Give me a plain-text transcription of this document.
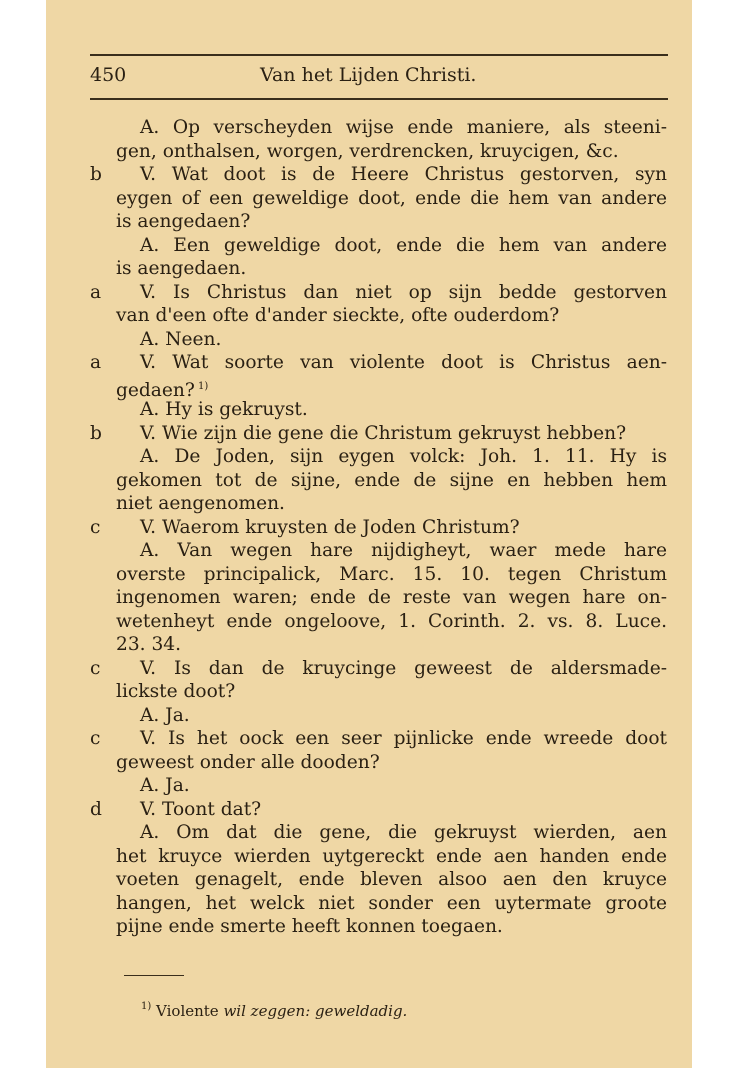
450	Van het Lijden Christi.
A. Op verscheyden wijse ende maniere, als steeni-
gen, onthalsen, worgen, verdrencken, kruycigen, &c.
b V. Wat doot is de Heere Christus gestorven, syn
eygen of een geweldige doot, ende die hem van andere
is aengedaen?
A. Een geweldige doot, ende die hem van andere
is aengedaen.
a V. Is Christus dan niet op sijn bedde gestorven
van d'een ofte d'ander sieckte, ofte ouderdom?
A. Neen.
a V. Wat soorte van violente doot is Christus aen-
gedaen? $^{1)}$
A. Hy is gekruyst.
b V. Wie zijn die gene die Christum gekruyst hebben?
A. De Joden, sijn eygen volck: Joh. 1. 11. Hy is
gekomen tot de sijne, ende de sijne en hebben hem
niet aengenomen.
c V. Waerom kruysten de Joden Christum?
A. Van wegen hare nijdigheyt, waer mede hare
overste principalick, Marc. 15. 10. tegen Christum
ingenomen waren; ende de reste van wegen hare on-
wetenheyt ende ongeloove, 1. Corinth. 2. vs. 8. Luce.
23. 34.
c V. Is dan de kruycinge geweest de aldersmade-
lickste doot?
A. Ja.
c V. Is het oock een seer pijnlicke ende wreede doot
geweest onder alle dooden?
A. Ja.
d V. Toont dat?
A. Om dat die gene, die gekruyst wierden, aen
het kruyce wierden uytgereckt ende aen handen ende
voeten genagelt, ende bleven alsoo aen den kruyce
hangen, het welck niet sonder een uytermate groote
pijne ende smerte heeft konnen toegaen.
$^{1)}$ Violente wil zeggen: geweldadig.
